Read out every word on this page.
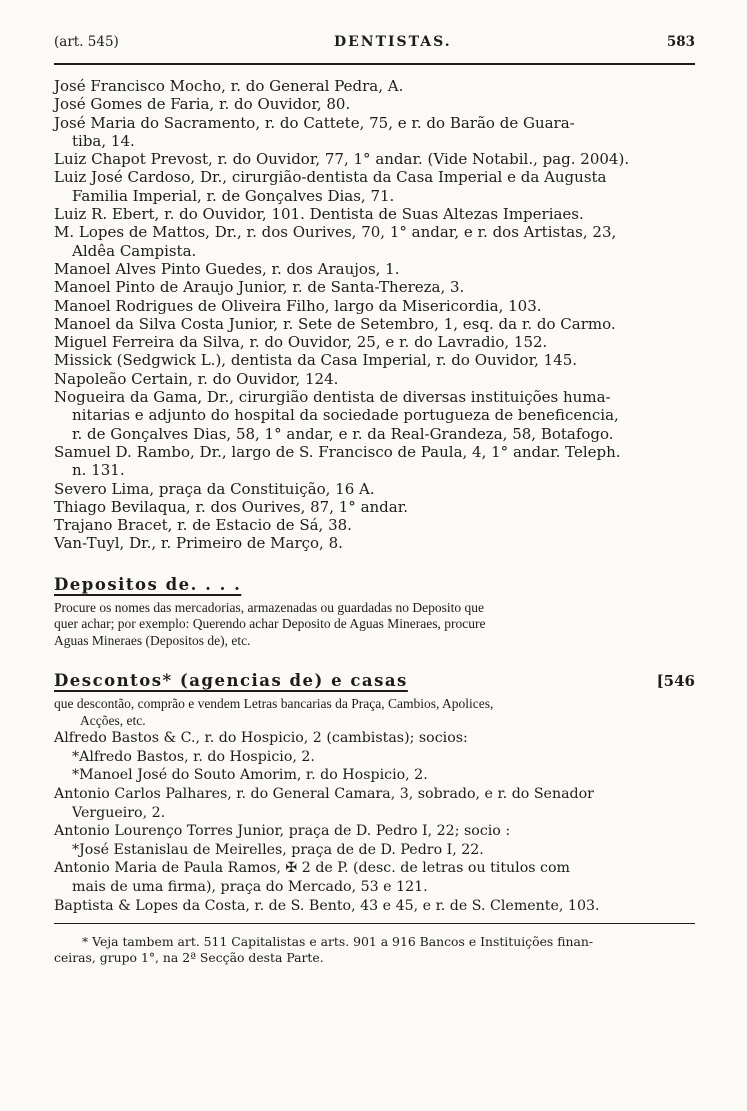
(art. 545)	DENTISTAS.	583

José Francisco Mocho, r. do General Pedra, A.

José Gomes de Faria, r. do Ouvidor, 80.

José Maria do Sacramento, r. do Cattete, 75, e r. do Barão de Guara-

tiba, 14.

Luiz Chapot Prevost, r. do Ouvidor, 77, 1° andar. (Vide Notabil., pag. 2004).

Luiz José Cardoso, Dr., cirurgião-dentista da Casa Imperial e da Augusta

Familia Imperial, r. de Gonçalves Dias, 71.

Luiz R. Ebert, r. do Ouvidor, 101. Dentista de Suas Altezas Imperiaes.

M. Lopes de Mattos, Dr., r. dos Ourives, 70, 1° andar, e r. dos Artistas, 23,

Aldêa Campista.

Manoel Alves Pinto Guedes, r. dos Araujos, 1.

Manoel Pinto de Araujo Junior, r. de Santa-Thereza, 3.

Manoel Rodrigues de Oliveira Filho, largo da Misericordia, 103.

Manoel da Silva Costa Junior, r. Sete de Setembro, 1, esq. da r. do Carmo.

Miguel Ferreira da Silva, r. do Ouvidor, 25, e r. do Lavradio, 152.

Missick (Sedgwick L.), dentista da Casa Imperial, r. do Ouvidor, 145.

Napoleão Certain, r. do Ouvidor, 124.

Nogueira da Gama, Dr., cirurgião dentista de diversas instituições huma-

nitarias e adjunto do hospital da sociedade portugueza de beneficencia,

r. de Gonçalves Dias, 58, 1° andar, e r. da Real-Grandeza, 58, Botafogo.

Samuel D. Rambo, Dr., largo de S. Francisco de Paula, 4, 1° andar. Teleph.

n. 131.

Severo Lima, praça da Constituição, 16 A.

Thiago Bevilaqua, r. dos Ourives, 87, 1° andar.

Trajano Bracet, r. de Estacio de Sá, 38.

Van-Tuyl, Dr., r. Primeiro de Março, 8.

Depositos de. . . .

Procure os nomes das mercadorias, armazenadas ou guardadas no Deposito que

quer achar; por exemplo: Querendo achar Deposito de Aguas Mineraes, procure

Aguas Mineraes (Depositos de), etc.

Descontos* (agencias de) e casas	[546

que descontão, comprão e vendem Letras bancarias da Praça, Cambios, Apolices,

Acções, etc.

Alfredo Bastos & C., r. do Hospicio, 2 (cambistas); socios:

*Alfredo Bastos, r. do Hospicio, 2.

*Manoel José do Souto Amorim, r. do Hospicio, 2.

Antonio Carlos Palhares, r. do General Camara, 3, sobrado, e r. do Senador

Vergueiro, 2.

Antonio Lourenço Torres Junior, praça de D. Pedro I, 22; socio :

*José Estanislau de Meirelles, praça de de D. Pedro I, 22.

Antonio Maria de Paula Ramos, ✠ 2 de P. (desc. de letras ou titulos com

mais de uma firma), praça do Mercado, 53 e 121.

Baptista & Lopes da Costa, r. de S. Bento, 43 e 45, e r. de S. Clemente, 103.

* Veja tambem art. 511 Capitalistas e arts. 901 a 916 Bancos e Instituições finan-
ceiras, grupo 1°, na 2ª Secção desta Parte.
